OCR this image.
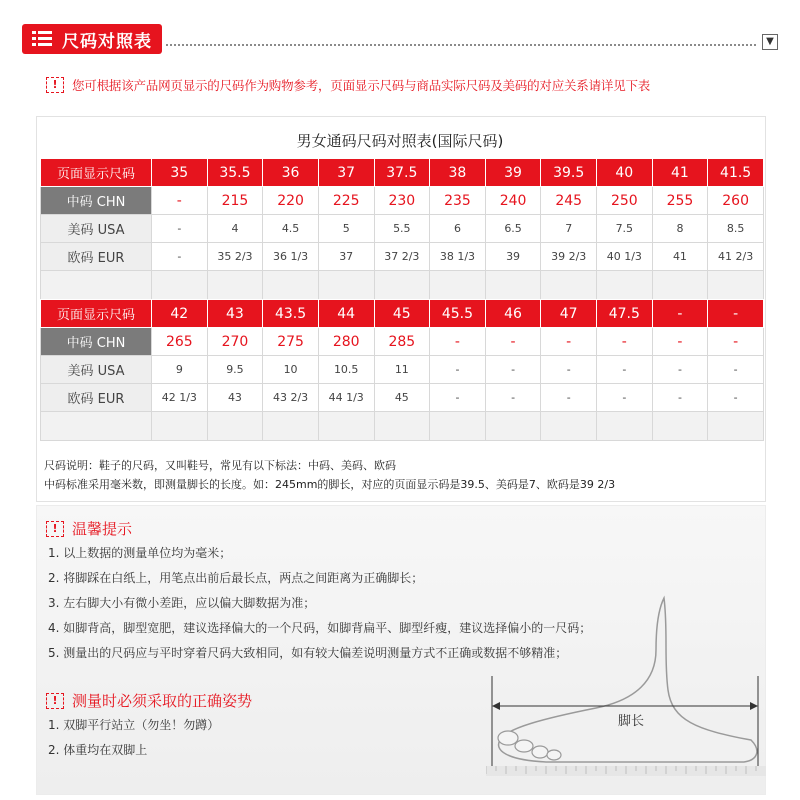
尺码对照表	▼
!	您可根据该产品网页显示的尺码作为购物参考，页面显示尺码与商品实际尺码及美码的对应关系请详见下表
男女通码尺码对照表(国际尺码)
页面显示尺码	35	35.5	36	37	37.5	38	39	39.5	40	41	41.5
中码 CHN	-	215	220	225	230	235	240	245	250	255	260
美码 USA	-	4	4.5	5	5.5	6	6.5	7	7.5	8	8.5
欧码 EUR	-	35 2/3	36 1/3	37	37 2/3	38 1/3	39	39 2/3	40 1/3	41	41 2/3

页面显示尺码	42	43	43.5	44	45	45.5	46	47	47.5	-	-
中码 CHN	265	270	275	280	285	-	-	-	-	-	-
美码 USA	9	9.5	10	10.5	11	-	-	-	-	-	-
欧码 EUR	42 1/3	43	43 2/3	44 1/3	45	-	-	-	-	-	-

尺码说明：鞋子的尺码，又叫鞋号，常见有以下标法：中码、美码、欧码
中码标准采用毫米数，即测量脚长的长度。如：245mm的脚长，对应的页面显示码是39.5、美码是7、欧码是39 2/3
脚长
! 温馨提示
1. 以上数据的测量单位均为毫米；
2. 将脚踩在白纸上，用笔点出前后最长点，两点之间距离为正确脚长；
3. 左右脚大小有微小差距，应以偏大脚数据为准；
4. 如脚背高，脚型宽肥，建议选择偏大的一个尺码，如脚背扁平、脚型纤瘦，建议选择偏小的一尺码；
5. 测量出的尺码应与平时穿着尺码大致相同，如有较大偏差说明测量方式不正确或数据不够精准；
! 测量时必须采取的正确姿势
1. 双脚平行站立（勿坐！勿蹲）
2. 体重均在双脚上
